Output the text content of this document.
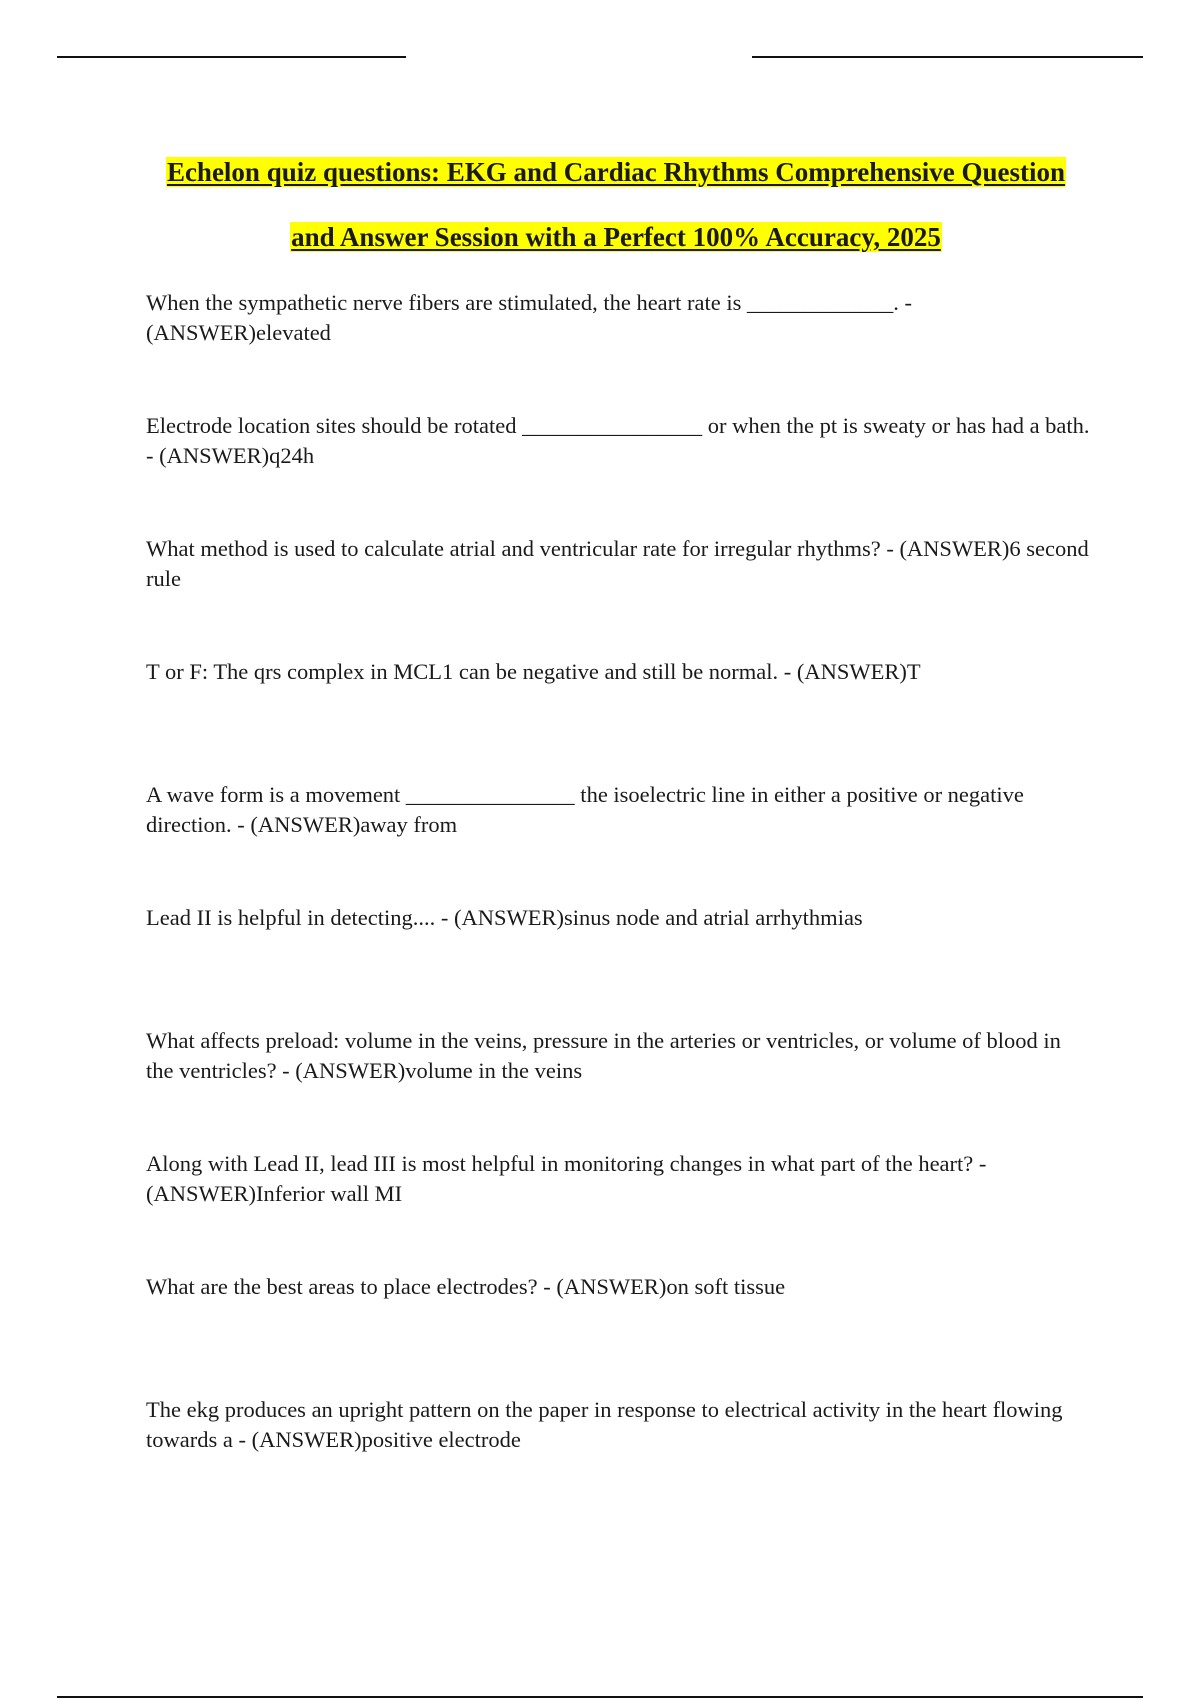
Echelon quiz questions: EKG and Cardiac Rhythms Comprehensive Question
and Answer Session with a Perfect 100% Accuracy, 2025

When the sympathetic nerve fibers are stimulated, the heart rate is _____________. - (ANSWER)elevated

Electrode location sites should be rotated ________________ or when the pt is sweaty or has had a bath. - (ANSWER)q24h

What method is used to calculate atrial and ventricular rate for irregular rhythms? - (ANSWER)6 second rule

T or F: The qrs complex in MCL1 can be negative and still be normal. - (ANSWER)T

A wave form is a movement _______________ the isoelectric line in either a positive or negative direction. - (ANSWER)away from

Lead II is helpful in detecting.... - (ANSWER)sinus node and atrial arrhythmias

What affects preload: volume in the veins, pressure in the arteries or ventricles, or volume of blood in the ventricles? - (ANSWER)volume in the veins

Along with Lead II, lead III is most helpful in monitoring changes in what part of the heart? - (ANSWER)Inferior wall MI

What are the best areas to place electrodes? - (ANSWER)on soft tissue

The ekg produces an upright pattern on the paper in response to electrical activity in the heart flowing towards a - (ANSWER)positive electrode
